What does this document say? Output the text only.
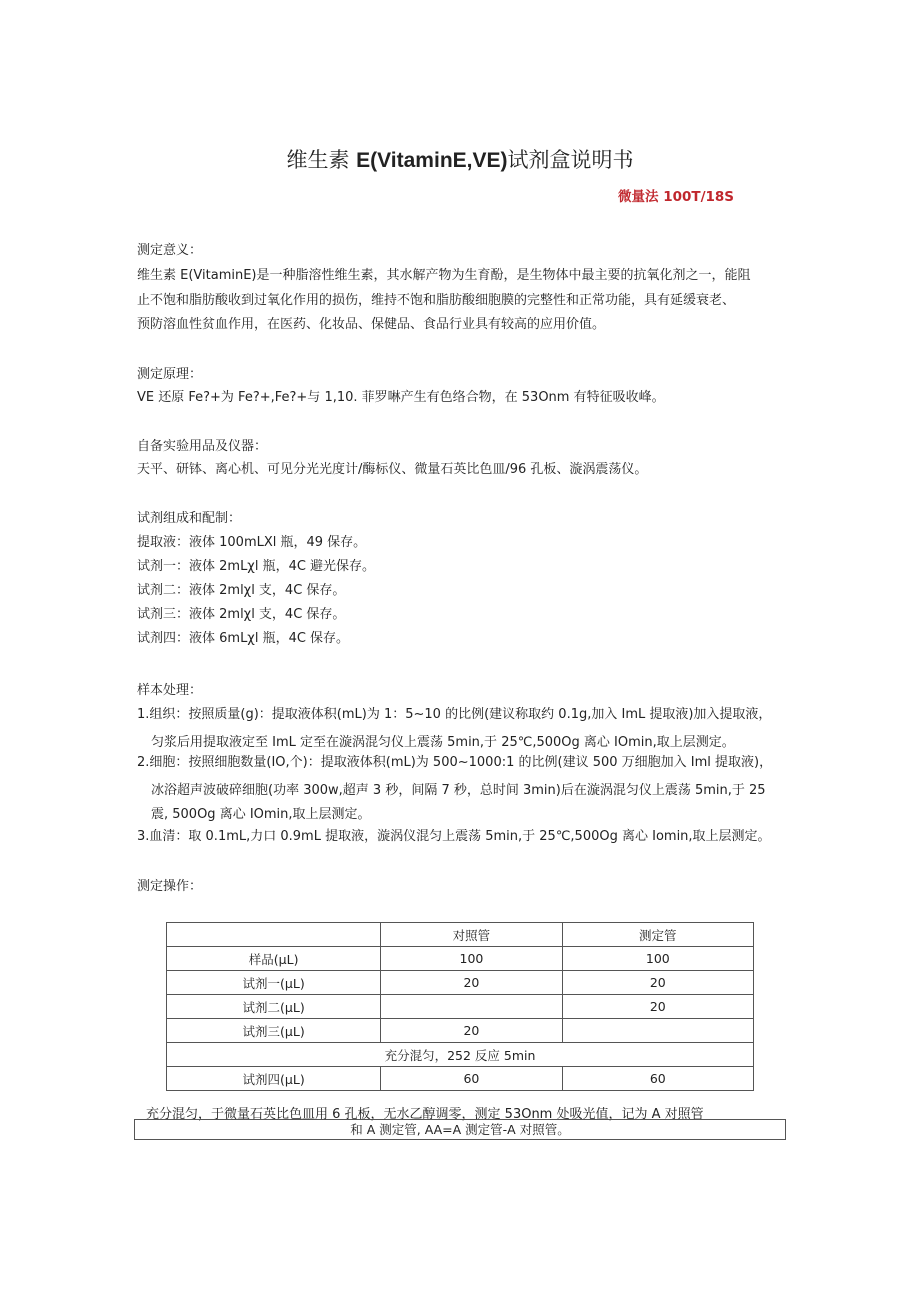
维生素 E(VitaminE,VE)试剂盒说明书
微量法 100T/18S
测定意义：
维生素 E(VitaminE)是一种脂溶性维生素，其水解产物为生育酚，是生物体中最主要的抗氧化剂之一，能阻
止不饱和脂肪酸收到过氧化作用的损伤，维持不饱和脂肪酸细胞膜的完整性和正常功能，具有延缓衰老、
预防溶血性贫血作用，在医药、化妆品、保健品、食品行业具有较高的应用价值。
测定原理：
VE 还原 Fe?+为 Fe?+,Fe?+与 1,10. 菲罗啉产生有色络合物，在 53Onm 有特征吸收峰。
自备实验用品及仪器：
天平、研钵、离心机、可见分光光度计/酶标仪、微量石英比色皿/96 孔板、漩涡震荡仪。
试剂组成和配制：
提取液：液体 100mLXl 瓶，49 保存。
试剂一：液体 2mLχl 瓶，4C 避光保存。
试剂二：液体 2mlχl 支，4C 保存。
试剂三：液体 2mlχl 支，4C 保存。
试剂四：液体 6mLχl 瓶，4C 保存。
样本处理：
1.组织：按照质量(g)：提取液体积(mL)为 1：5~10 的比例(建议称取约 0.1g,加入 ImL 提取液)加入提取液，
匀浆后用提取液定至 ImL 定至在漩涡混匀仪上震荡 5min,于 25℃,500Og 离心 IOmin,取上层测定。
2.细胞：按照细胞数量(IO,个)：提取液体积(mL)为 500~1000:1 的比例(建议 500 万细胞加入 Iml 提取液)，
冰浴超声波破碎细胞(功率 300w,超声 3 秒，间隔 7 秒，总时间 3min)后在漩涡混匀仪上震荡 5min,于 25
震, 500Og 离心 IOmin,取上层测定。
3.血清：取 0.1mL,力口 0.9mL 提取液，漩涡仪混匀上震荡 5min,于 25℃,500Og 离心 Iomin,取上层测定。
测定操作：
	对照管	测定管
样品(μL)	100	100
试剂一(μL)	20	20
试剂二(μL)		20
试剂三(μL)	20	
充分混匀，252 反应 5min		
试剂四(μL)	60	60
充分混匀，于微量石英比色皿用 6 孔板，无水乙醇调零，测定 53Onm 处吸光值，记为 A 对照管
和 A 测定管, AA=A 测定管-A 对照管。
